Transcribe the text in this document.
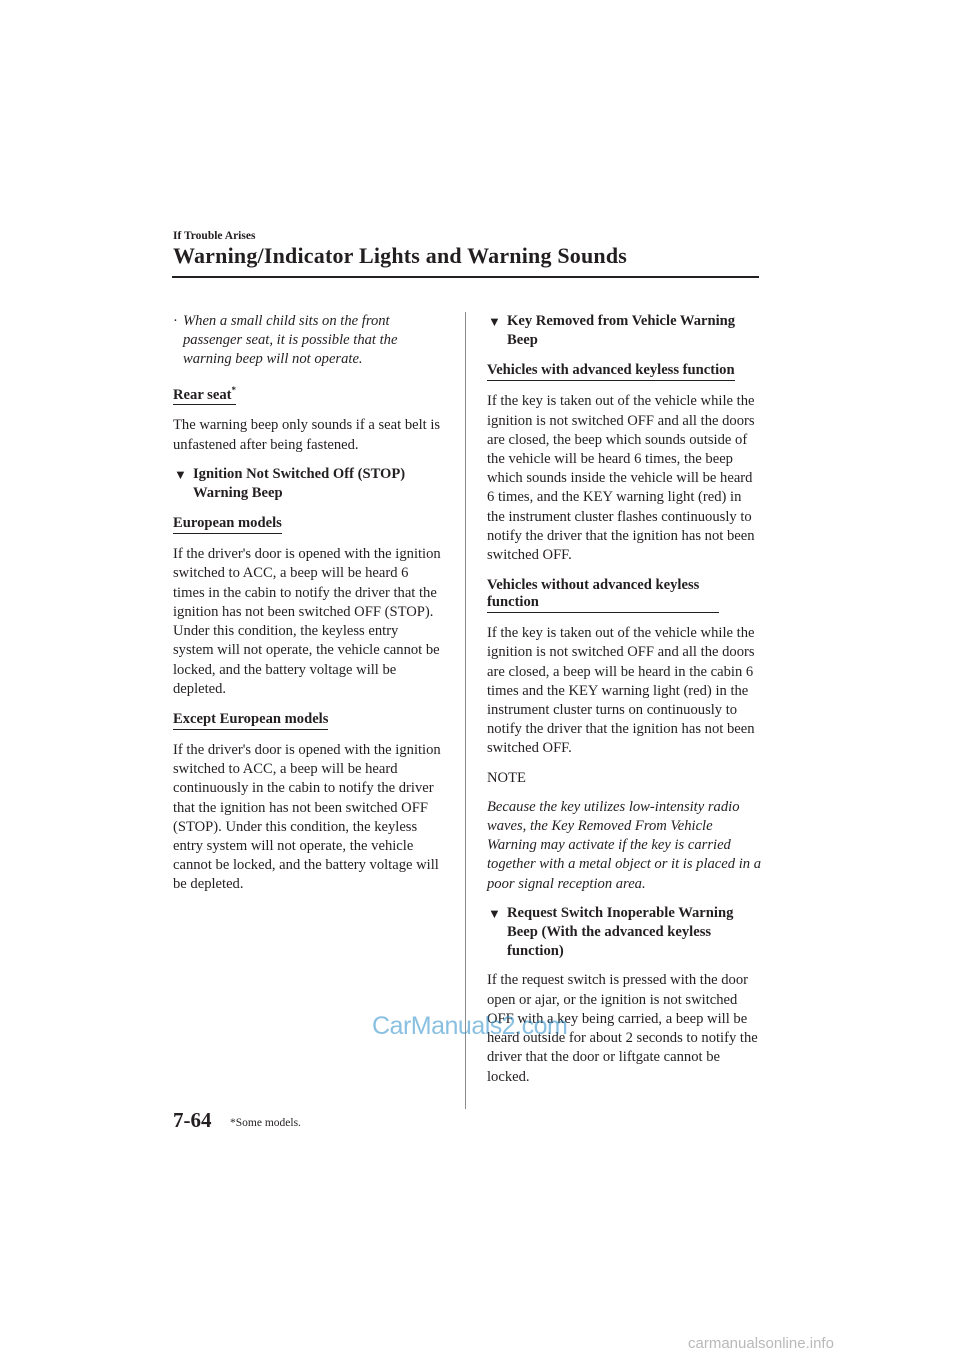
If Trouble Arises
Warning/Indicator Lights and Warning Sounds
· When a small child sits on the front passenger seat, it is possible that the warning beep will not operate.
Rear seat*

The warning beep only sounds if a seat belt is unfastened after being fastened.

▼ Ignition Not Switched Off (STOP) Warning Beep
European models

If the driver's door is opened with the ignition switched to ACC, a beep will be heard 6 times in the cabin to notify the driver that the ignition has not been switched OFF (STOP). Under this condition, the keyless entry system will not operate, the vehicle cannot be locked, and the battery voltage will be depleted.

Except European models

If the driver's door is opened with the ignition switched to ACC, a beep will be heard continuously in the cabin to notify the driver that the ignition has not been switched OFF (STOP). Under this condition, the keyless entry system will not operate, the vehicle cannot be locked, and the battery voltage will be depleted.

▼ Key Removed from Vehicle Warning Beep
Vehicles with advanced keyless function

If the key is taken out of the vehicle while the ignition is not switched OFF and all the doors are closed, the beep which sounds outside of the vehicle will be heard 6 times, the beep which sounds inside the vehicle will be heard 6 times, and the KEY warning light (red) in the instrument cluster flashes continuously to notify the driver that the ignition has not been switched OFF.

Vehicles without advanced keyless function

If the key is taken out of the vehicle while the ignition is not switched OFF and all the doors are closed, a beep will be heard in the cabin 6 times and the KEY warning light (red) in the instrument cluster turns on continuously to notify the driver that the ignition has not been switched OFF.

NOTE

Because the key utilizes low-intensity radio waves, the Key Removed From Vehicle Warning may activate if the key is carried together with a metal object or it is placed in a poor signal reception area.

▼ Request Switch Inoperable Warning Beep (With the advanced keyless function)

If the request switch is pressed with the door open or ajar, or the ignition is not switched OFF with a key being carried, a beep will be heard outside for about 2 seconds to notify the driver that the door or liftgate cannot be locked.

7-64 *Some models.
CarManuals2.com
carmanualsonline.info
